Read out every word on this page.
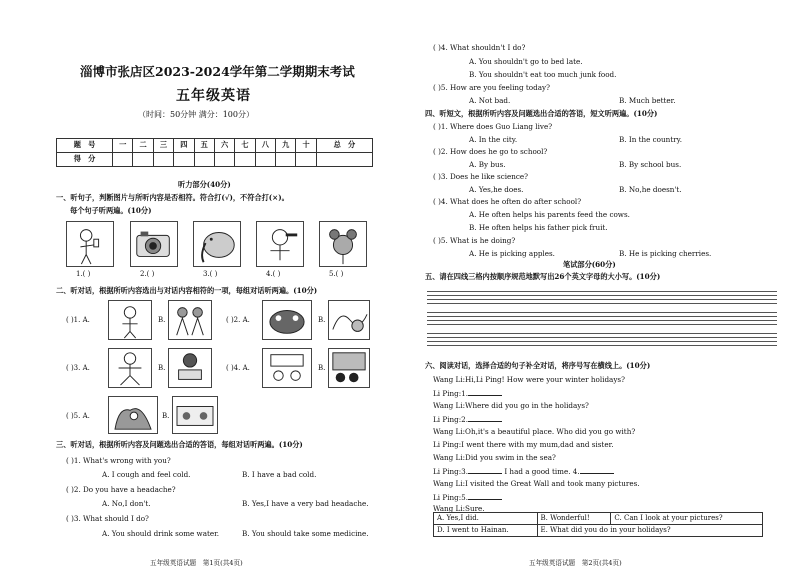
淄博市张店区2023-2024学年第二学期期末考试
五年级英语
（时间：50分钟 满分：100分）
题　号	一	二	三	四	五	六	七	八	九	十	总　分
得　分											
听力部分(40分)
一、听句子，判断图片与所听内容是否相符。符合打(√)，不符合打(×)。
每个句子听两遍。(10分)
1.( )	2.( )	3.( )	4.( )	5.( )
二、听对话，根据所听内容选出与对话内容相符的一项，每组对话听两遍。(10分)
( )1. A.	B.	( )2. A.	B.
( )3. A.	B.	( )4. A.	B.
( )5. A.	B.
三、听对话，根据所听内容及问题选出合适的答语，每组对话听两遍。(10分)
( )1. What's wrong with you?
A. I cough and feel cold.	B. I have a bad cold.
( )2. Do you have a headache?
A. No,I don't.	B. Yes,I have a very bad headache.
( )3. What should I do?
A. You should drink some water.	B. You should take some medicine.
五年级英语试题　第1页(共4页)
( )4. What shouldn't I do?
A. You shouldn't go to bed late.
B. You shouldn't eat too much junk food.
( )5. How are you feeling today?
A. Not bad.	B. Much better.
四、听短文，根据所听内容及问题选出合适的答语，短文听两遍。(10分)
( )1. Where does Guo Liang live?
A. In the city.	B. In the country.
( )2. How does he go to school?
A. By bus.	B. By school bus.
( )3. Does he like science?
A. Yes,he does.	B. No,he doesn't.
( )4. What does he often do after school?
A. He often helps his parents feed the cows.
B. He often helps his father pick fruit.
( )5. What is he doing?
A. He is picking apples.	B. He is picking cherries.
笔试部分(60分)
五、请在四线三格内按顺序规范地默写出26个英文字母的大小写。(10分)
六、阅读对话，选择合适的句子补全对话，将序号写在横线上。(10分)
Wang Li:Hi,Li Ping! How were your winter holidays?
Li Ping:1.
Wang Li:Where did you go in the holidays?
Li Ping:2.
Wang Li:Oh,it's a beautiful place. Who did you go with?
Li Ping:I went there with my mum,dad and sister.
Wang Li:Did you swim in the sea?
Li Ping:3.	I had a good time. 4.
Wang Li:I visited the Great Wall and took many pictures.
Li Ping:5.
Wang Li:Sure.
A. Yes,I did.	B. Wonderful!	C. Can I look at your pictures?
D. I went to Hainan.	E. What did you do in your holidays?	
五年级英语试题　第2页(共4页)
